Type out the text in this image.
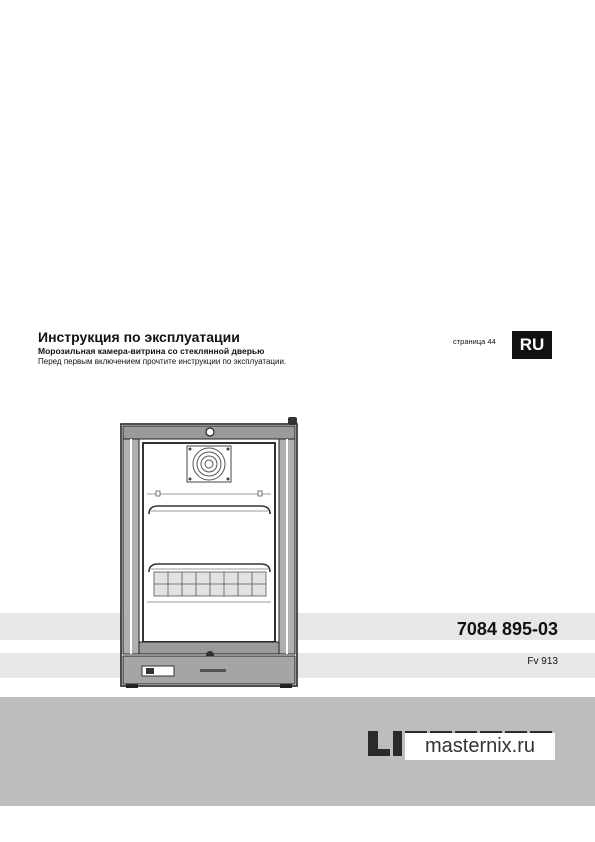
Инструкция по эксплуатации
Морозильная камера-витрина со стеклянной дверью
Перед первым включением прочтите инструкции по эксплуатации.
страница 44	RU
7084 895-03
Fv 913
masternix.ru
